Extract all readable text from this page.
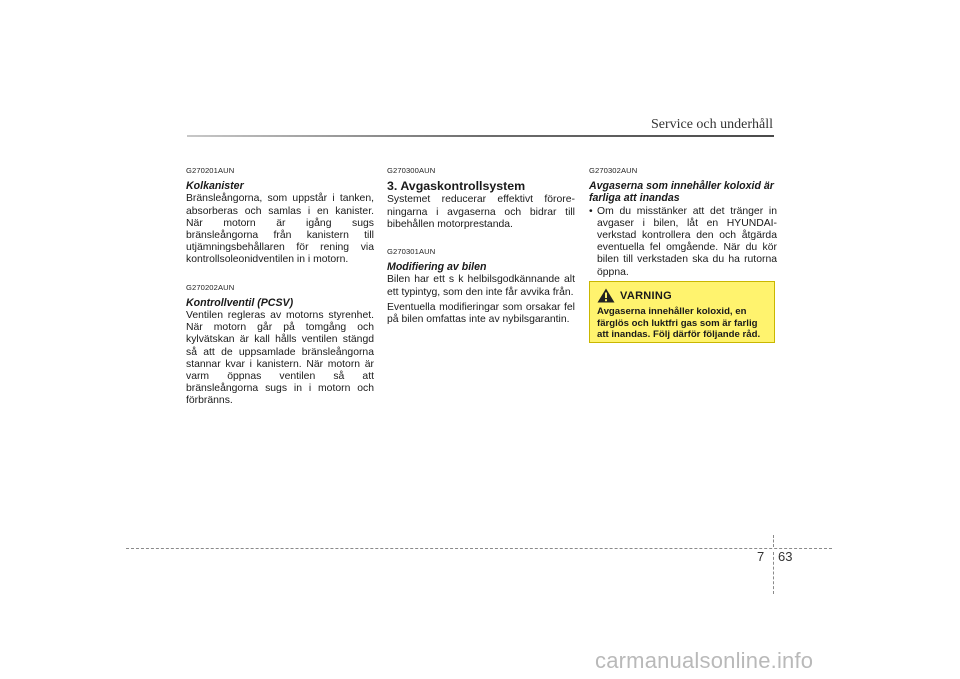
Service och underhåll
G270201AUN
Kolkanister

Bränsleångorna, som uppstår i tanken, absorberas och samlas i en kanister. När motorn är igång sugs bränsleångorna från kanistern till utjämningsbehållaren för rening via kontrollsoleonidventilen in i motorn.

G270202AUN
Kontrollventil (PCSV)

Ventilen regleras av motorns styrenhet. När motorn går på tomgång och kylvätskan är kall hålls ventilen stängd så att de uppsamlade bränsleångorna stannar kvar i kanistern. När motorn är varm öppnas ventilen så att bränsleångorna sugs in i motorn och förbränns.

G270300AUN
3. Avgaskontrollsystem

Systemet reducerar effektivt förore-ningarna i avgaserna och bidrar till bibehållen motorprestanda.

G270301AUN
Modifiering av bilen

Bilen har ett s k helbilsgodkännande alt ett typintyg, som den inte får avvika från.

Eventuella modifieringar som orsakar fel på bilen omfattas inte av nybilsgarantin.

G270302AUN
Avgaserna som innehåller koloxid är farliga att inandas
• Om du misstänker att det tränger in avgaser i bilen, låt en HYUNDAI-verkstad kontrollera den och åtgärda eventuella fel omgående. När du kör bilen till verkstaden ska du ha rutorna öppna.
VARNING
Avgaserna innehåller koloxid, en färglös och luktfri gas som är farlig att inandas. Följ därför följande råd.
7 63
carmanualsonline.info
